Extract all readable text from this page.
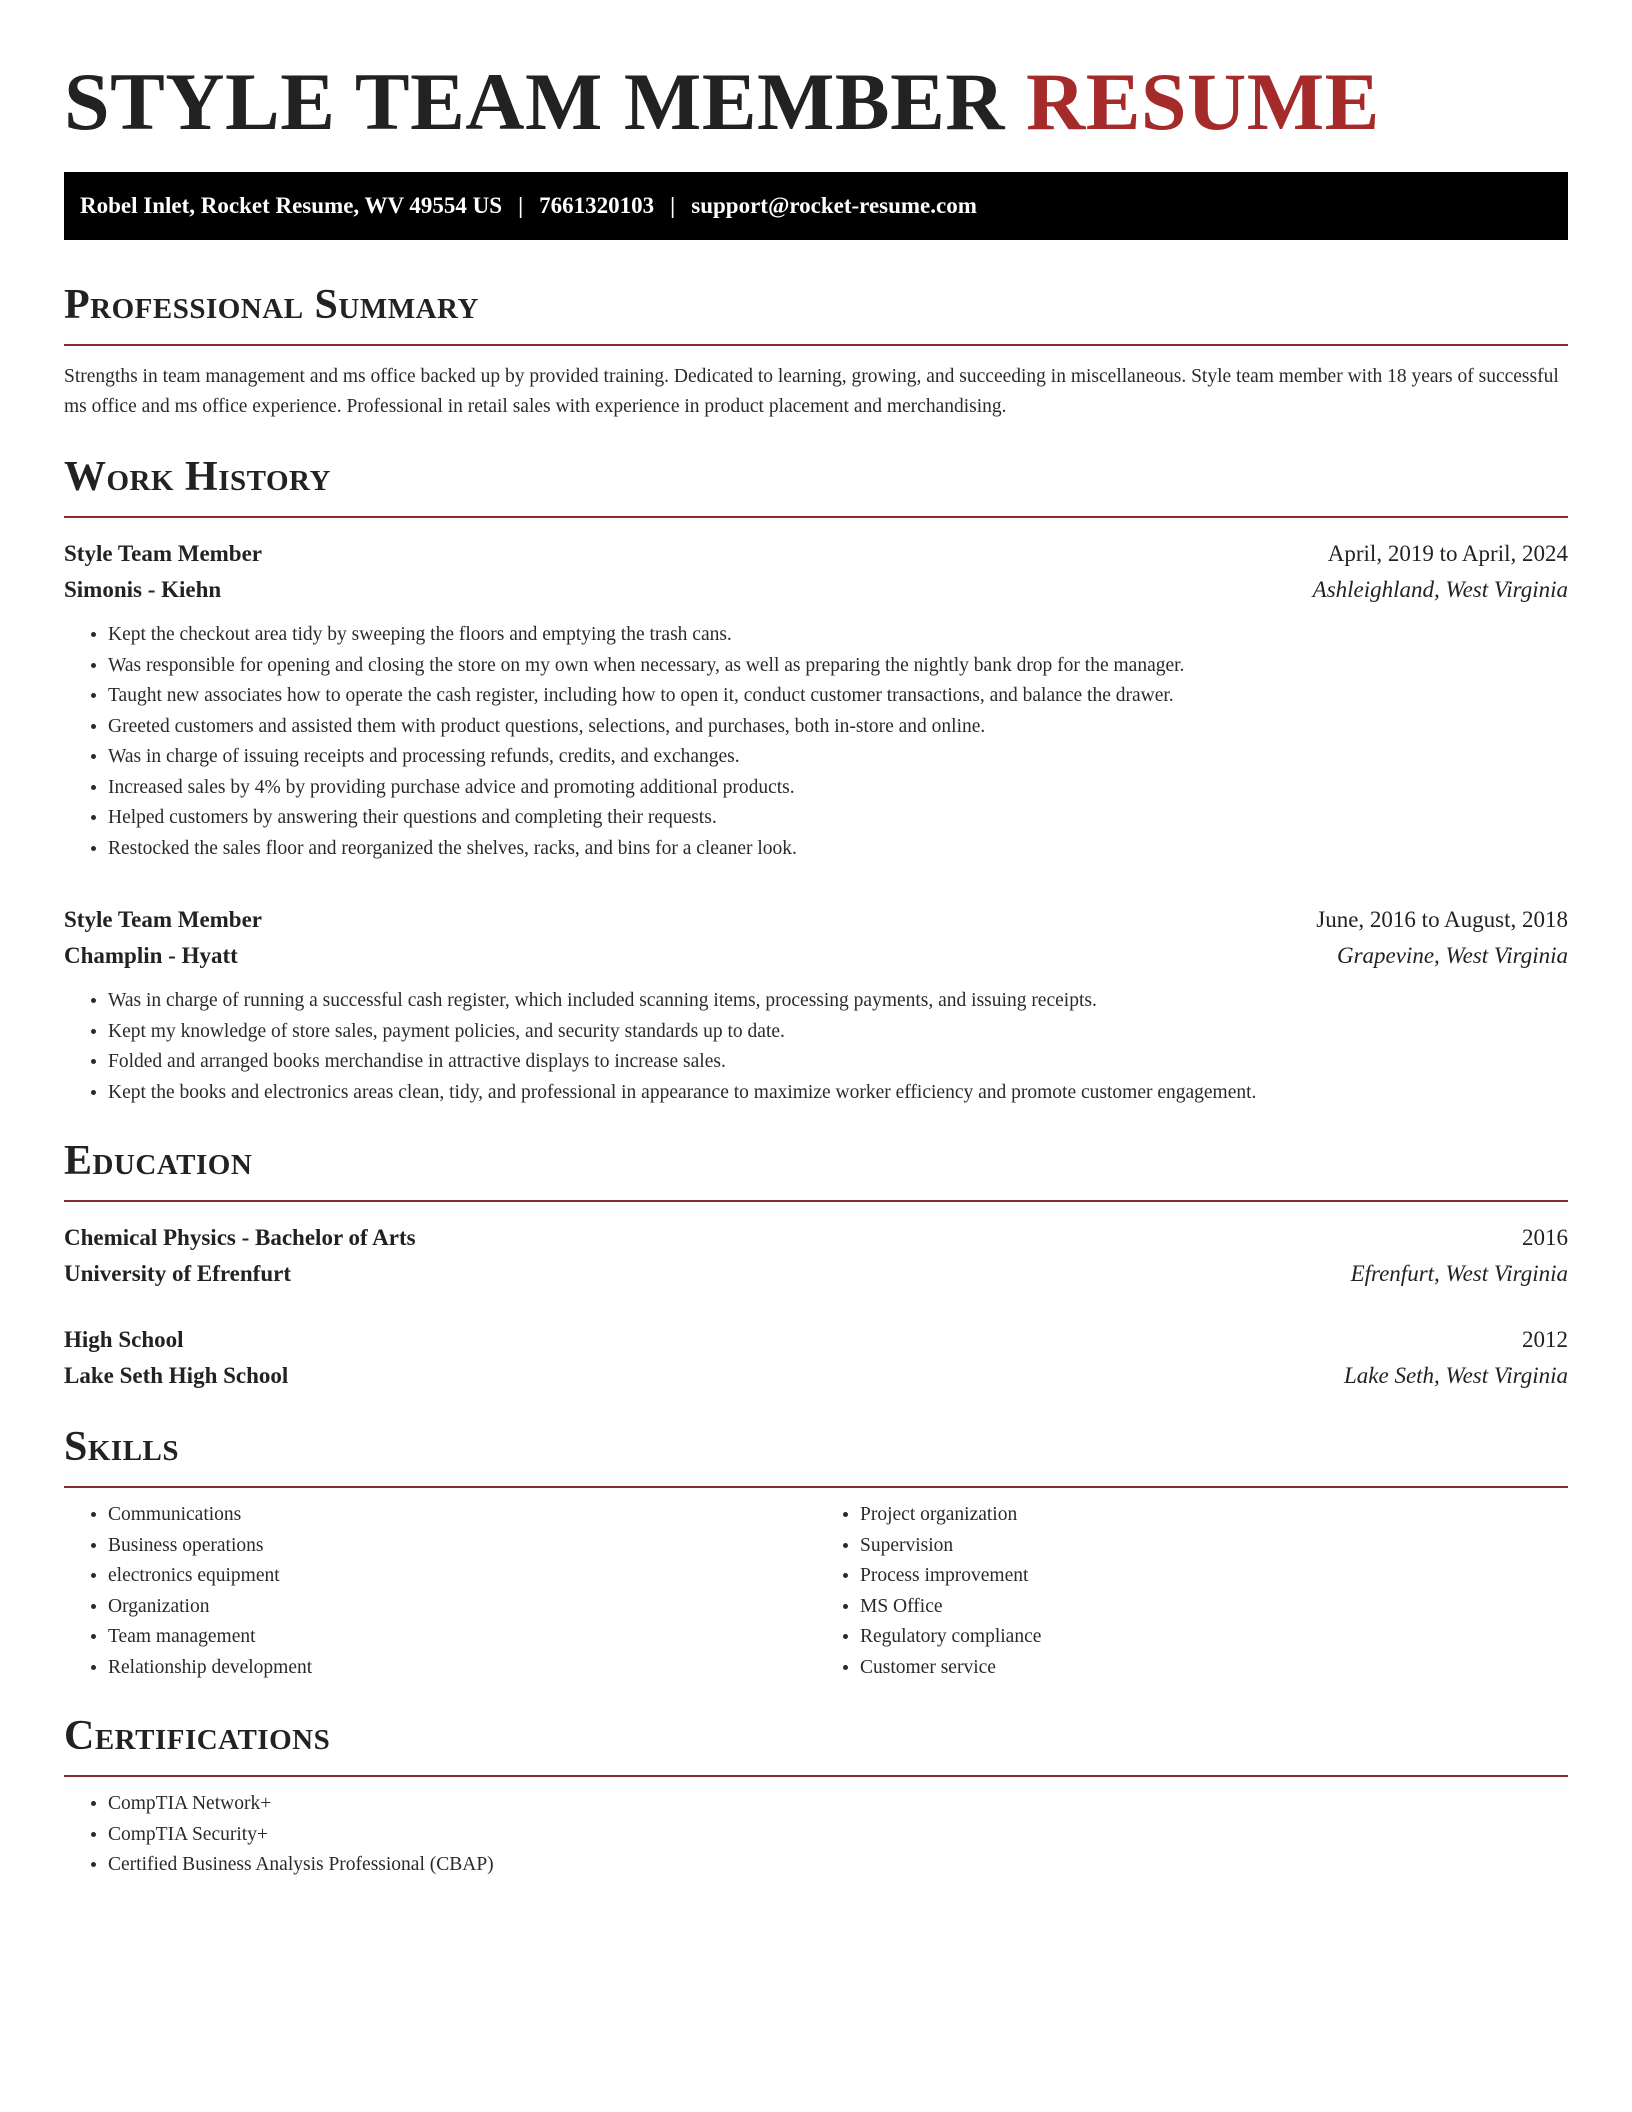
STYLE TEAM MEMBER RESUME
Robel Inlet, Rocket Resume, WV 49554 US | 7661320103 | support@rocket-resume.com
Professional Summary

Strengths in team management and ms office backed up by provided training. Dedicated to learning, growing, and succeeding in miscellaneous. Style team member with 18 years of successful ms office and ms office experience. Professional in retail sales with experience in product placement and merchandising.

Work History
Style Team Member	April, 2019 to April, 2024
Simonis - Kiehn	Ashleighland, West Virginia
• Kept the checkout area tidy by sweeping the floors and emptying the trash cans.
• Was responsible for opening and closing the store on my own when necessary, as well as preparing the nightly bank drop for the manager.
• Taught new associates how to operate the cash register, including how to open it, conduct customer transactions, and balance the drawer.
• Greeted customers and assisted them with product questions, selections, and purchases, both in-store and online.
• Was in charge of issuing receipts and processing refunds, credits, and exchanges.
• Increased sales by 4% by providing purchase advice and promoting additional products.
• Helped customers by answering their questions and completing their requests.
• Restocked the sales floor and reorganized the shelves, racks, and bins for a cleaner look.
Style Team Member	June, 2016 to August, 2018
Champlin - Hyatt	Grapevine, West Virginia
• Was in charge of running a successful cash register, which included scanning items, processing payments, and issuing receipts.
• Kept my knowledge of store sales, payment policies, and security standards up to date.
• Folded and arranged books merchandise in attractive displays to increase sales.
• Kept the books and electronics areas clean, tidy, and professional in appearance to maximize worker efficiency and promote customer engagement.
Education
Chemical Physics - Bachelor of Arts	2016
University of Efrenfurt	Efrenfurt, West Virginia
High School	2012
Lake Seth High School	Lake Seth, West Virginia
Skills
• Communications
• Business operations
• electronics equipment
• Organization
• Team management
• Relationship development
• Project organization
• Supervision
• Process improvement
• MS Office
• Regulatory compliance
• Customer service
Certifications
• CompTIA Network+
• CompTIA Security+
• Certified Business Analysis Professional (CBAP)
